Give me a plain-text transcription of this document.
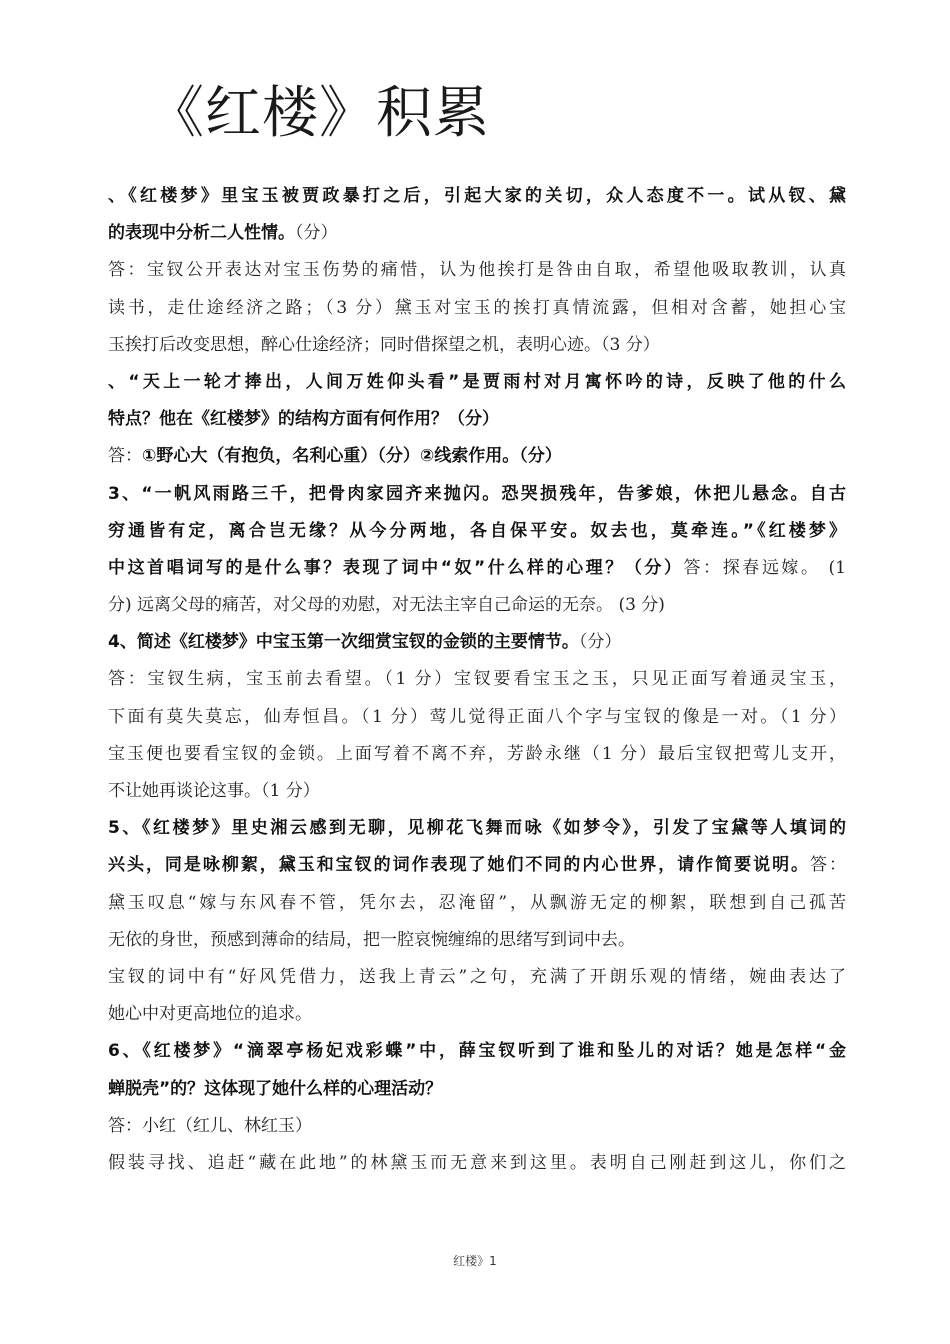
《红楼》积累
、《红楼梦》里宝玉被贾政暴打之后，引起大家的关切，众人态度不一。试从钗、黛
的表现中分析二人性情。（分）
答：宝钗公开表达对宝玉伤势的痛惜，认为他挨打是咎由自取，希望他吸取教训，认真
读书，走仕途经济之路；（3 分）黛玉对宝玉的挨打真情流露，但相对含蓄，她担心宝
玉挨打后改变思想，醉心仕途经济；同时借探望之机，表明心迹。（3 分）
、“天上一轮才捧出，人间万姓仰头看”是贾雨村对月寓怀吟的诗，反映了他的什么
特点？他在《红楼梦》的结构方面有何作用？（分）
答：①野心大（有抱负，名利心重）（分）②线索作用。（分）
3、“一帆风雨路三千，把骨肉家园齐来抛闪。恐哭损残年，告爹娘，休把儿悬念。自古
穷通皆有定，离合岂无缘？从今分两地，各自保平安。奴去也，莫牵连。”《红楼梦》
中这首唱词写的是什么事？表现了词中“奴”什么样的心理？（分）答：探春远嫁。 (1
分) 远离父母的痛苦，对父母的劝慰，对无法主宰自己命运的无奈。 (3 分)
4、简述《红楼梦》中宝玉第一次细赏宝钗的金锁的主要情节。（分）
答：宝钗生病，宝玉前去看望。（1 分）宝钗要看宝玉之玉，只见正面写着通灵宝玉，
下面有莫失莫忘，仙寿恒昌。（1 分）莺儿觉得正面八个字与宝钗的像是一对。（1 分）
宝玉便也要看宝钗的金锁。上面写着不离不弃，芳龄永继（1 分）最后宝钗把莺儿支开，
不让她再谈论这事。（1 分）
5、《红楼梦》里史湘云感到无聊，见柳花飞舞而咏《如梦令》，引发了宝黛等人填词的
兴头，同是咏柳絮，黛玉和宝钗的词作表现了她们不同的内心世界，请作简要说明。答：
黛玉叹息“嫁与东风春不管，凭尔去，忍淹留”，从飘游无定的柳絮，联想到自己孤苦
无依的身世，预感到薄命的结局，把一腔哀惋缠绵的思绪写到词中去。
宝钗的词中有“好风凭借力，送我上青云”之句，充满了开朗乐观的情绪，婉曲表达了
她心中对更高地位的追求。
6、《红楼梦》“滴翠亭杨妃戏彩蝶”中，薛宝钗听到了谁和坠儿的对话？她是怎样“金
蝉脱壳”的？这体现了她什么样的心理活动？
答：小红（红儿、林红玉）
假装寻找、追赶“藏在此地”的林黛玉而无意来到这里。表明自己刚赶到这儿，你们之
红楼》1
